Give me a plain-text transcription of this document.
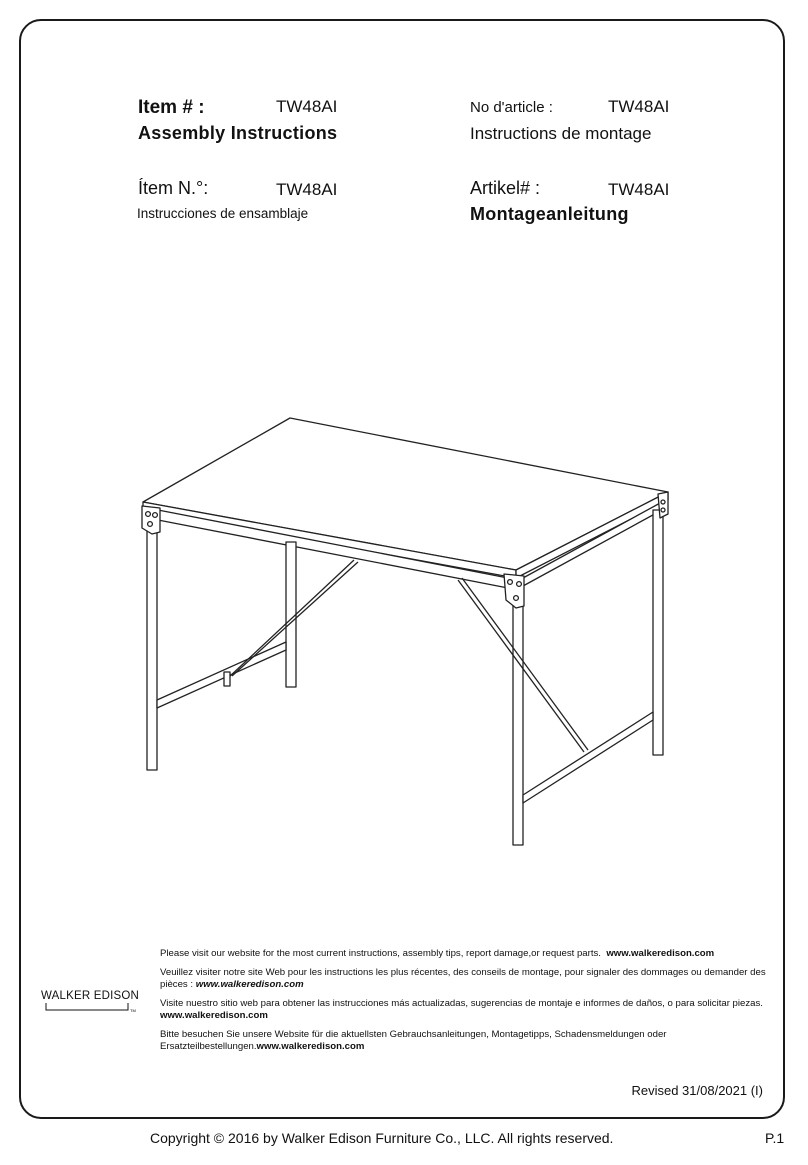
Item # :	TW48AI
Assembly Instructions
No d'article :	TW48AI
Instructions de montage
Ítem N.°:	TW48AI
Instrucciones de ensamblaje
Artikel# :	TW48AI
Montageanleitung

Please visit our website for the most current instructions, assembly tips, report damage,or request parts. www.walkeredison.com

Veuillez visiter notre site Web pour les instructions les plus récentes, des conseils de montage, pour signaler des dommages ou demander des pièces : www.walkeredison.com

Visite nuestro sitio web para obtener las instrucciones más actualizadas, sugerencias de montaje e informes de daños, o para solicitar piezas. www.walkeredison.com

Bitte besuchen Sie unsere Website für die aktuellsten Gebrauchsanleitungen, Montagetipps, Schadensmeldungen oder Ersatzteilbestellungen.www.walkeredison.com

WALKER EDISON
TM
Revised 31/08/2021 (I)
Copyright © 2016 by Walker Edison Furniture Co., LLC. All rights reserved.	P.1
